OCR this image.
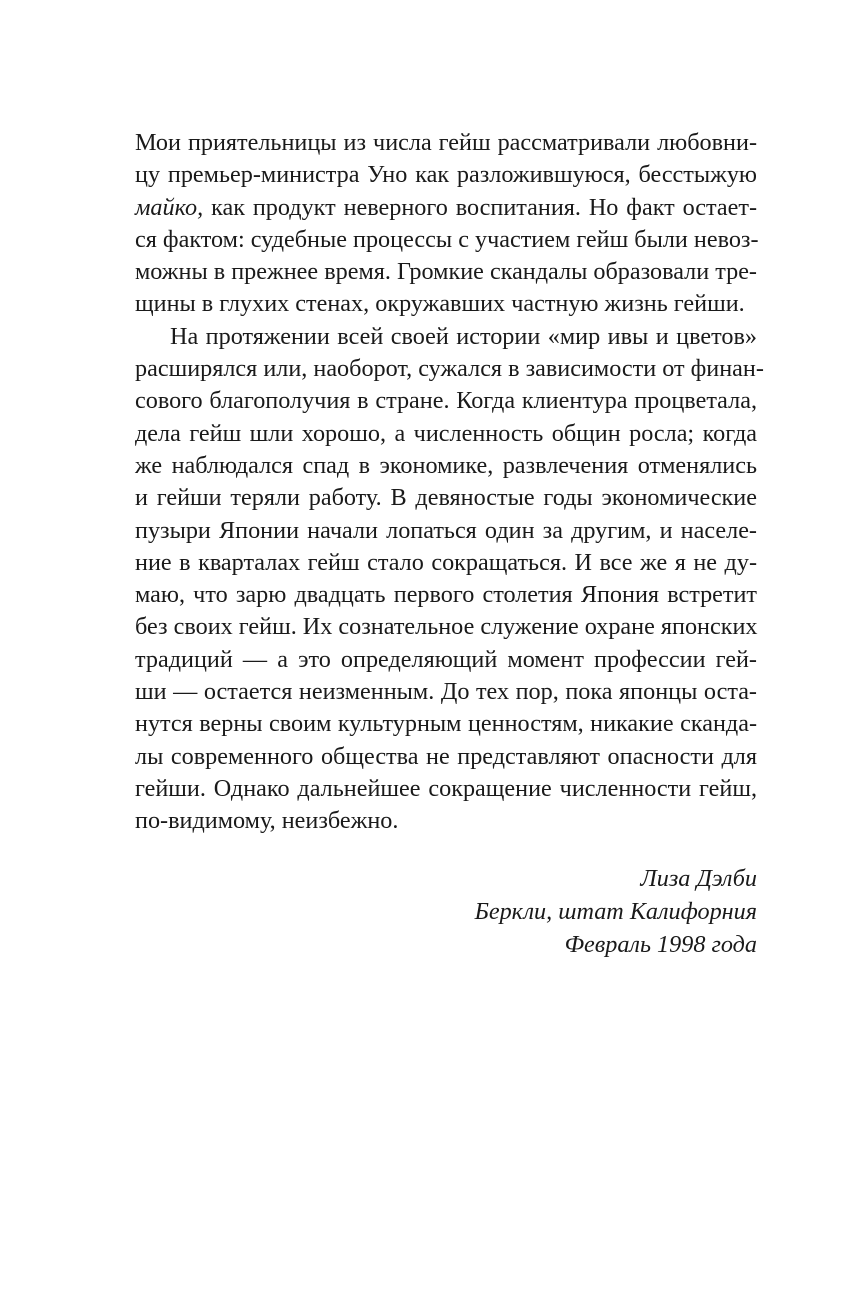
Мои приятельницы из числа гейш рассматривали любовни-
цу премьер-министра Уно как разложившуюся, бесстыжую
майко, как продукт неверного воспитания. Но факт остает-
ся фактом: судебные процессы с участием гейш были невоз-
можны в прежнее время. Громкие скандалы образовали тре-
щины в глухих стенах, окружавших частную жизнь гейши.
На протяжении всей своей истории «мир ивы и цветов»
расширялся или, наоборот, сужался в зависимости от финан-
сового благополучия в стране. Когда клиентура процветала,
дела гейш шли хорошо, а численность общин росла; когда
же наблюдался спад в экономике, развлечения отменялись
и гейши теряли работу. В девяностые годы экономические
пузыри Японии начали лопаться один за другим, и населе-
ние в кварталах гейш стало сокращаться. И все же я не ду-
маю, что зарю двадцать первого столетия Япония встретит
без своих гейш. Их сознательное служение охране японских
традиций — а это определяющий момент профессии гей-
ши — остается неизменным. До тех пор, пока японцы оста-
нутся верны своим культурным ценностям, никакие сканда-
лы современного общества не представляют опасности для
гейши. Однако дальнейшее сокращение численности гейш,
по-видимому, неизбежно.
Лиза Дэлби
Беркли, штат Калифорния
Февраль 1998 года
